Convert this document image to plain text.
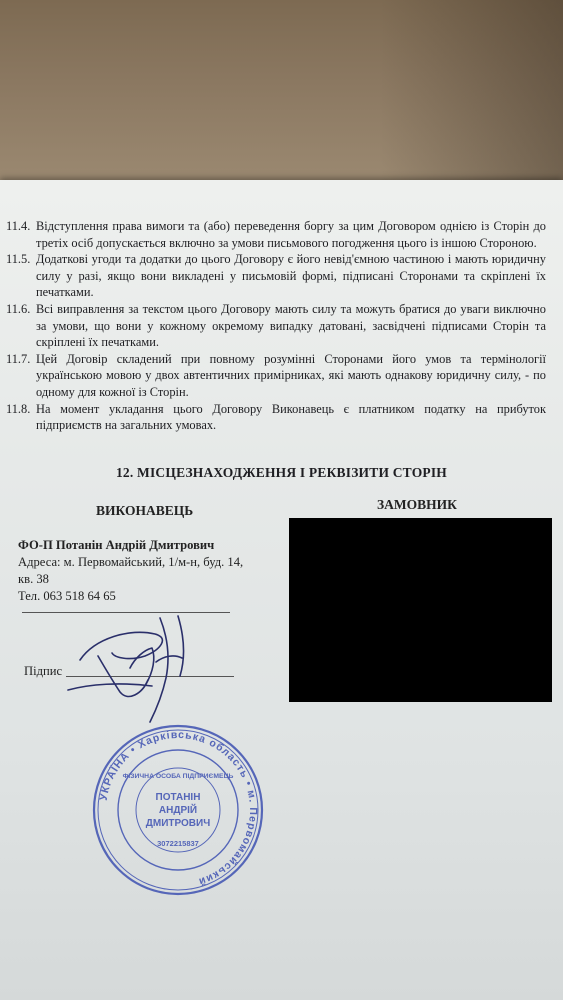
11.4. Відступлення права вимоги та (або) переведення боргу за цим Договором однією із Сторін до третіх осіб допускається включно за умови письмового погодження цього із іншою Стороною.
11.5. Додаткові угоди та додатки до цього Договору є його невід'ємною частиною і мають юридичну силу у разі, якщо вони викладені у письмовій формі, підписані Сторонами та скріплені їх печатками.
11.6. Всі виправлення за текстом цього Договору мають силу та можуть братися до уваги виключно за умови, що вони у кожному окремому випадку датовані, засвідчені підписами Сторін та скріплені їх печатками.
11.7. Цей Договір складений при повному розумінні Сторонами його умов та термінології українською мовою у двох автентичних примірниках, які мають однакову юридичну силу, - по одному для кожної із Сторін.
11.8. На момент укладання цього Договору Виконавець є платником податку на прибуток підприємств на загальних умовах.
12. МІСЦЕЗНАХОДЖЕННЯ І РЕКВІЗИТИ СТОРІН
ВИКОНАВЕЦЬ	ЗАМОВНИК
ФО-П Потанін Андрій Дмитрович
Адреса: м. Первомайський, 1/м-н, буд. 14,
кв. 38
Тел. 063 518 64 65
Підпис
УКРАЇНА • Харківська область • м. Первомайський
ФІЗИЧНА ОСОБА ПІДПРИЄМЕЦЬ
ПОТАНІН
АНДРІЙ
ДМИТРОВИЧ
3072215837
